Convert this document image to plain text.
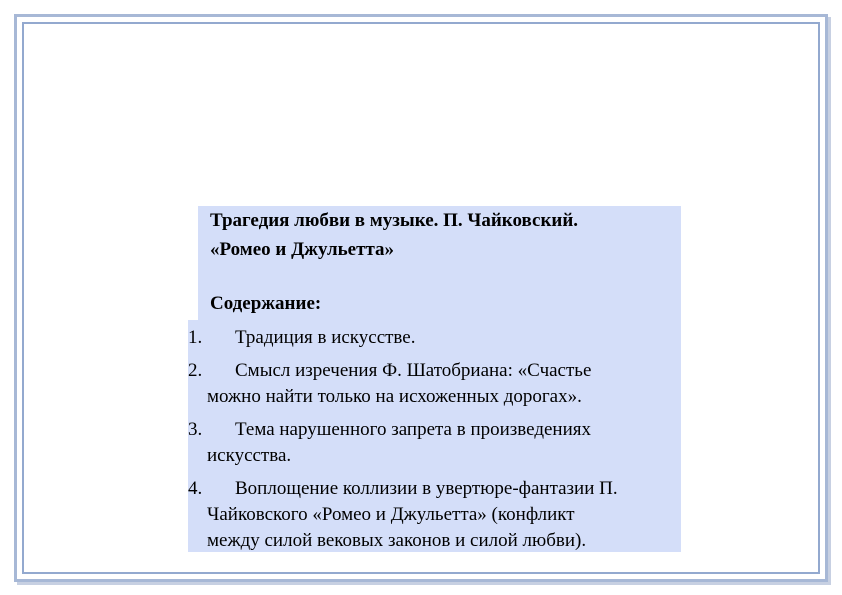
Трагедия любви в музыке. П. Чайковский.
«Ромео и Джульетта»
Содержание:
1. Традиция в искусстве.
2. Смысл изречения Ф. Шатобриана: «Счастье
можно найти только на исхоженных дорогах».
3. Тема нарушенного запрета в произведениях
искусства.
4. Воплощение коллизии в увертюре-фантазии П.
Чайковского «Ромео и Джульетта» (конфликт
между силой вековых законов и силой любви).
